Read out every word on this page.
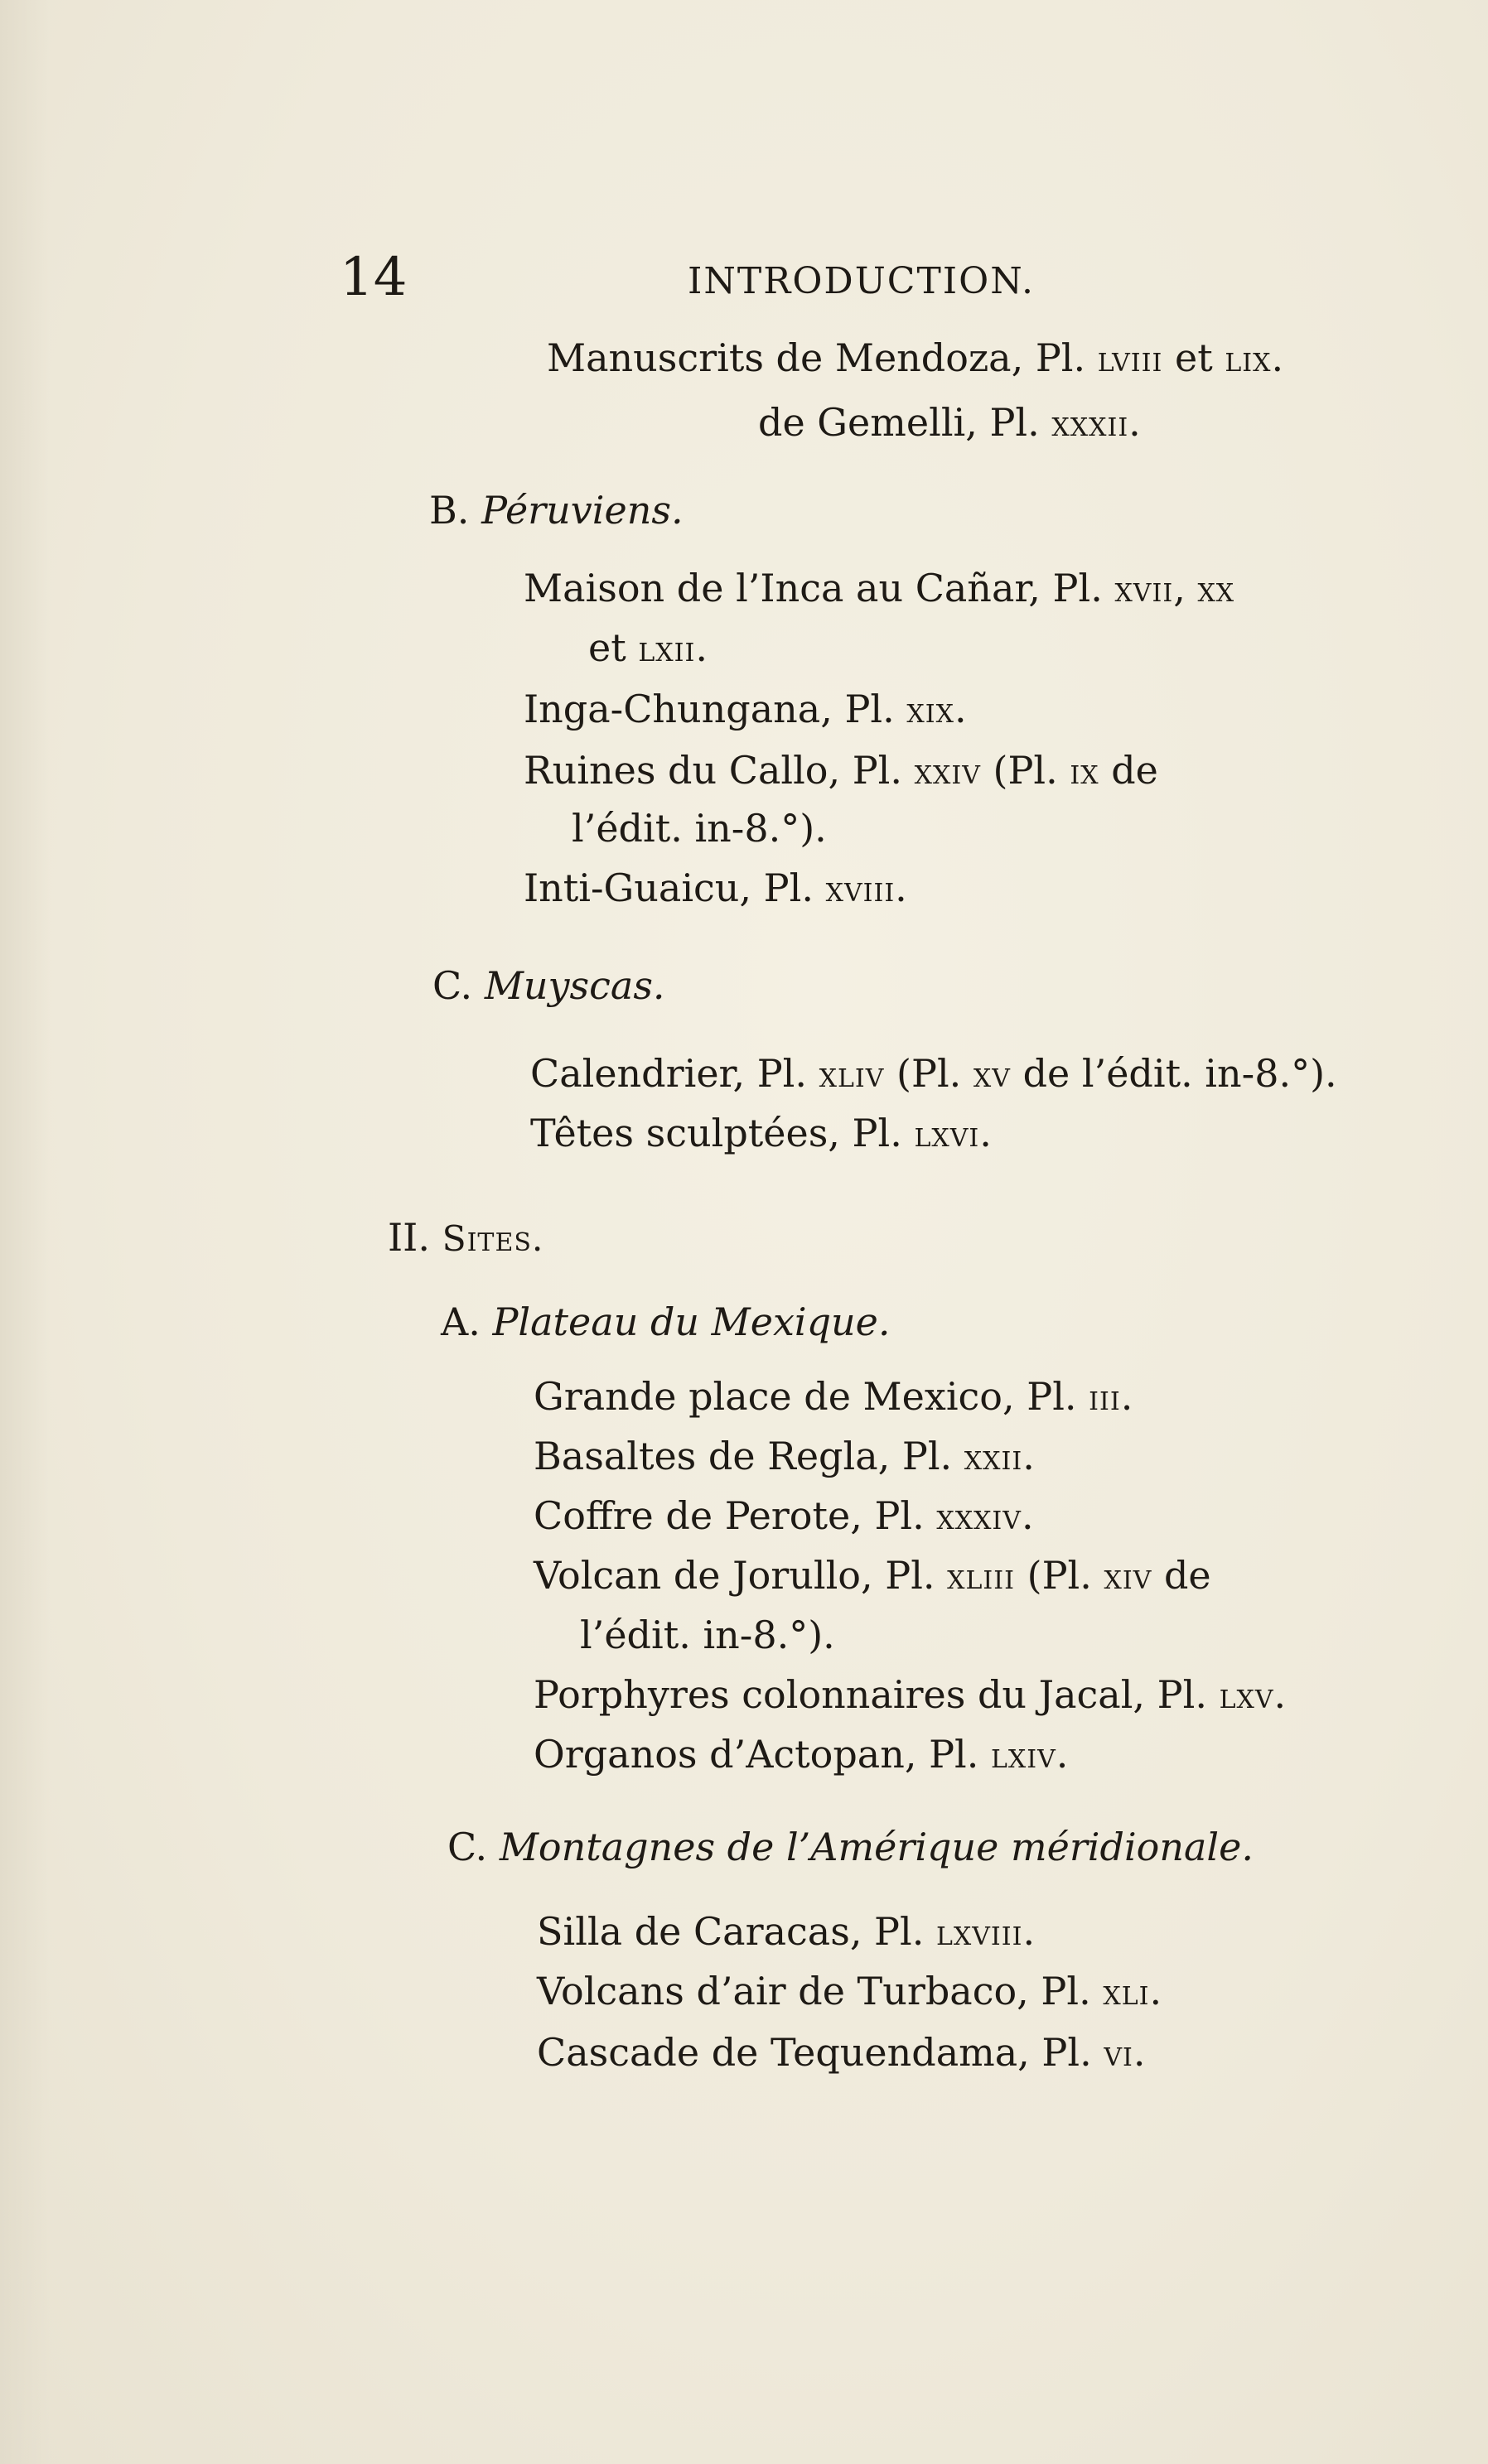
14	INTRODUCTION.
Manuscrits de Mendoza, Pl. lviii et lix.
de Gemelli, Pl. xxxii.
B. Péruviens.
Maison de l’Inca au Cañar, Pl. xvii, xx
et lxii.
Inga-Chungana, Pl. xix.
Ruines du Callo, Pl. xxiv (Pl. ix de
l’édit. in-8.°).
Inti-Guaicu, Pl. xviii.
C. Muyscas.
Calendrier, Pl. xliv (Pl. xv de l’édit. in-8.°).
Têtes sculptées, Pl. lxvi.
II. Sites.
A. Plateau du Mexique.
Grande place de Mexico, Pl. iii.
Basaltes de Regla, Pl. xxii.
Coffre de Perote, Pl. xxxiv.
Volcan de Jorullo, Pl. xliii (Pl. xiv de
l’édit. in-8.°).
Porphyres colonnaires du Jacal, Pl. lxv.
Organos d’Actopan, Pl. lxiv.
C. Montagnes de l’Amérique méridionale.
Silla de Caracas, Pl. lxviii.
Volcans d’air de Turbaco, Pl. xli.
Cascade de Tequendama, Pl. vi.
